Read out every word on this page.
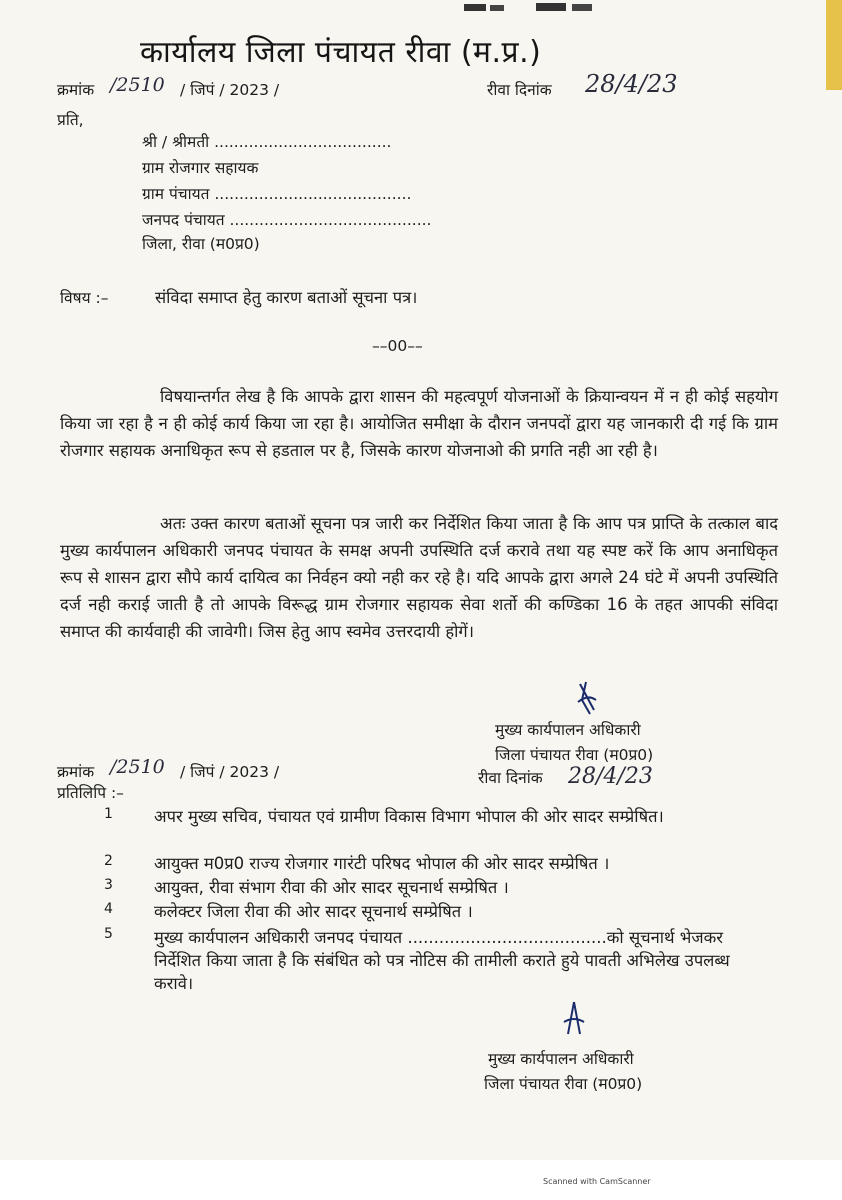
कार्यालय जिला पंचायत रीवा (म.प्र.)
क्रमांक /2510 / जिपं / 2023 /	रीवा दिनांक 28/4/23
प्रति,
श्री / श्रीमती ....................................
ग्राम रोजगार सहायक
ग्राम पंचायत ........................................
जनपद पंचायत .........................................
जिला, रीवा (म0प्र0)
विषय :–	संविदा समाप्त हेतु कारण बताओं सूचना पत्र।
––00––
विषयान्तर्गत लेख है कि आपके द्वारा शासन की महत्वपूर्ण योजनाओं के क्रियान्वयन में न ही कोई सहयोग किया जा रहा है न ही कोई कार्य किया जा रहा है। आयोजित समीक्षा के दौरान जनपदों द्वारा यह जानकारी दी गई कि ग्राम रोजगार सहायक अनाधिकृत रूप से हडताल पर है, जिसके कारण योजनाओ की प्रगति नही आ रही है।
अतः उक्त कारण बताओं सूचना पत्र जारी कर निर्देशित किया जाता है कि आप पत्र प्राप्ति के तत्काल बाद मुख्य कार्यपालन अधिकारी जनपद पंचायत के समक्ष अपनी उपस्थिति दर्ज करावे तथा यह स्पष्ट करें कि आप अनाधिकृत रूप से शासन द्वारा सौपे कार्य दायित्व का निर्वहन क्यो नही कर रहे है। यदि आपके द्वारा अगले 24 घंटे में अपनी उपस्थिति दर्ज नही कराई जाती है तो आपके विरूद्ध ग्राम रोजगार सहायक सेवा शर्तो की कण्डिका 16 के तहत आपकी संविदा समाप्त की कार्यवाही की जावेगी। जिस हेतु आप स्वमेव उत्तरदायी होगें।
मुख्य कार्यपालन अधिकारी
जिला पंचायत रीवा (म0प्र0)
क्रमांक /2510 / जिपं / 2023 /	रीवा दिनांक 28/4/23
प्रतिलिपि :–
1 अपर मुख्य सचिव, पंचायत एवं ग्रामीण विकास विभाग भोपाल की ओर सादर सम्प्रेषित।
2 आयुक्त म0प्र0 राज्य रोजगार गारंटी परिषद भोपाल की ओर सादर सम्प्रेषित ।
3 आयुक्त, रीवा संभाग रीवा की ओर सादर सूचनार्थ सम्प्रेषित ।
4 कलेक्टर जिला रीवा की ओर सादर सूचनार्थ सम्प्रेषित ।
5 मुख्य कार्यपालन अधिकारी जनपद पंचायत ......................................को सूचनार्थ भेजकर निर्देशित किया जाता है कि संबंधित को पत्र नोटिस की तामीली कराते हुये पावती अभिलेख उपलब्ध करावे।
मुख्य कार्यपालन अधिकारी
जिला पंचायत रीवा (म0प्र0)
Scanned with CamScanner
